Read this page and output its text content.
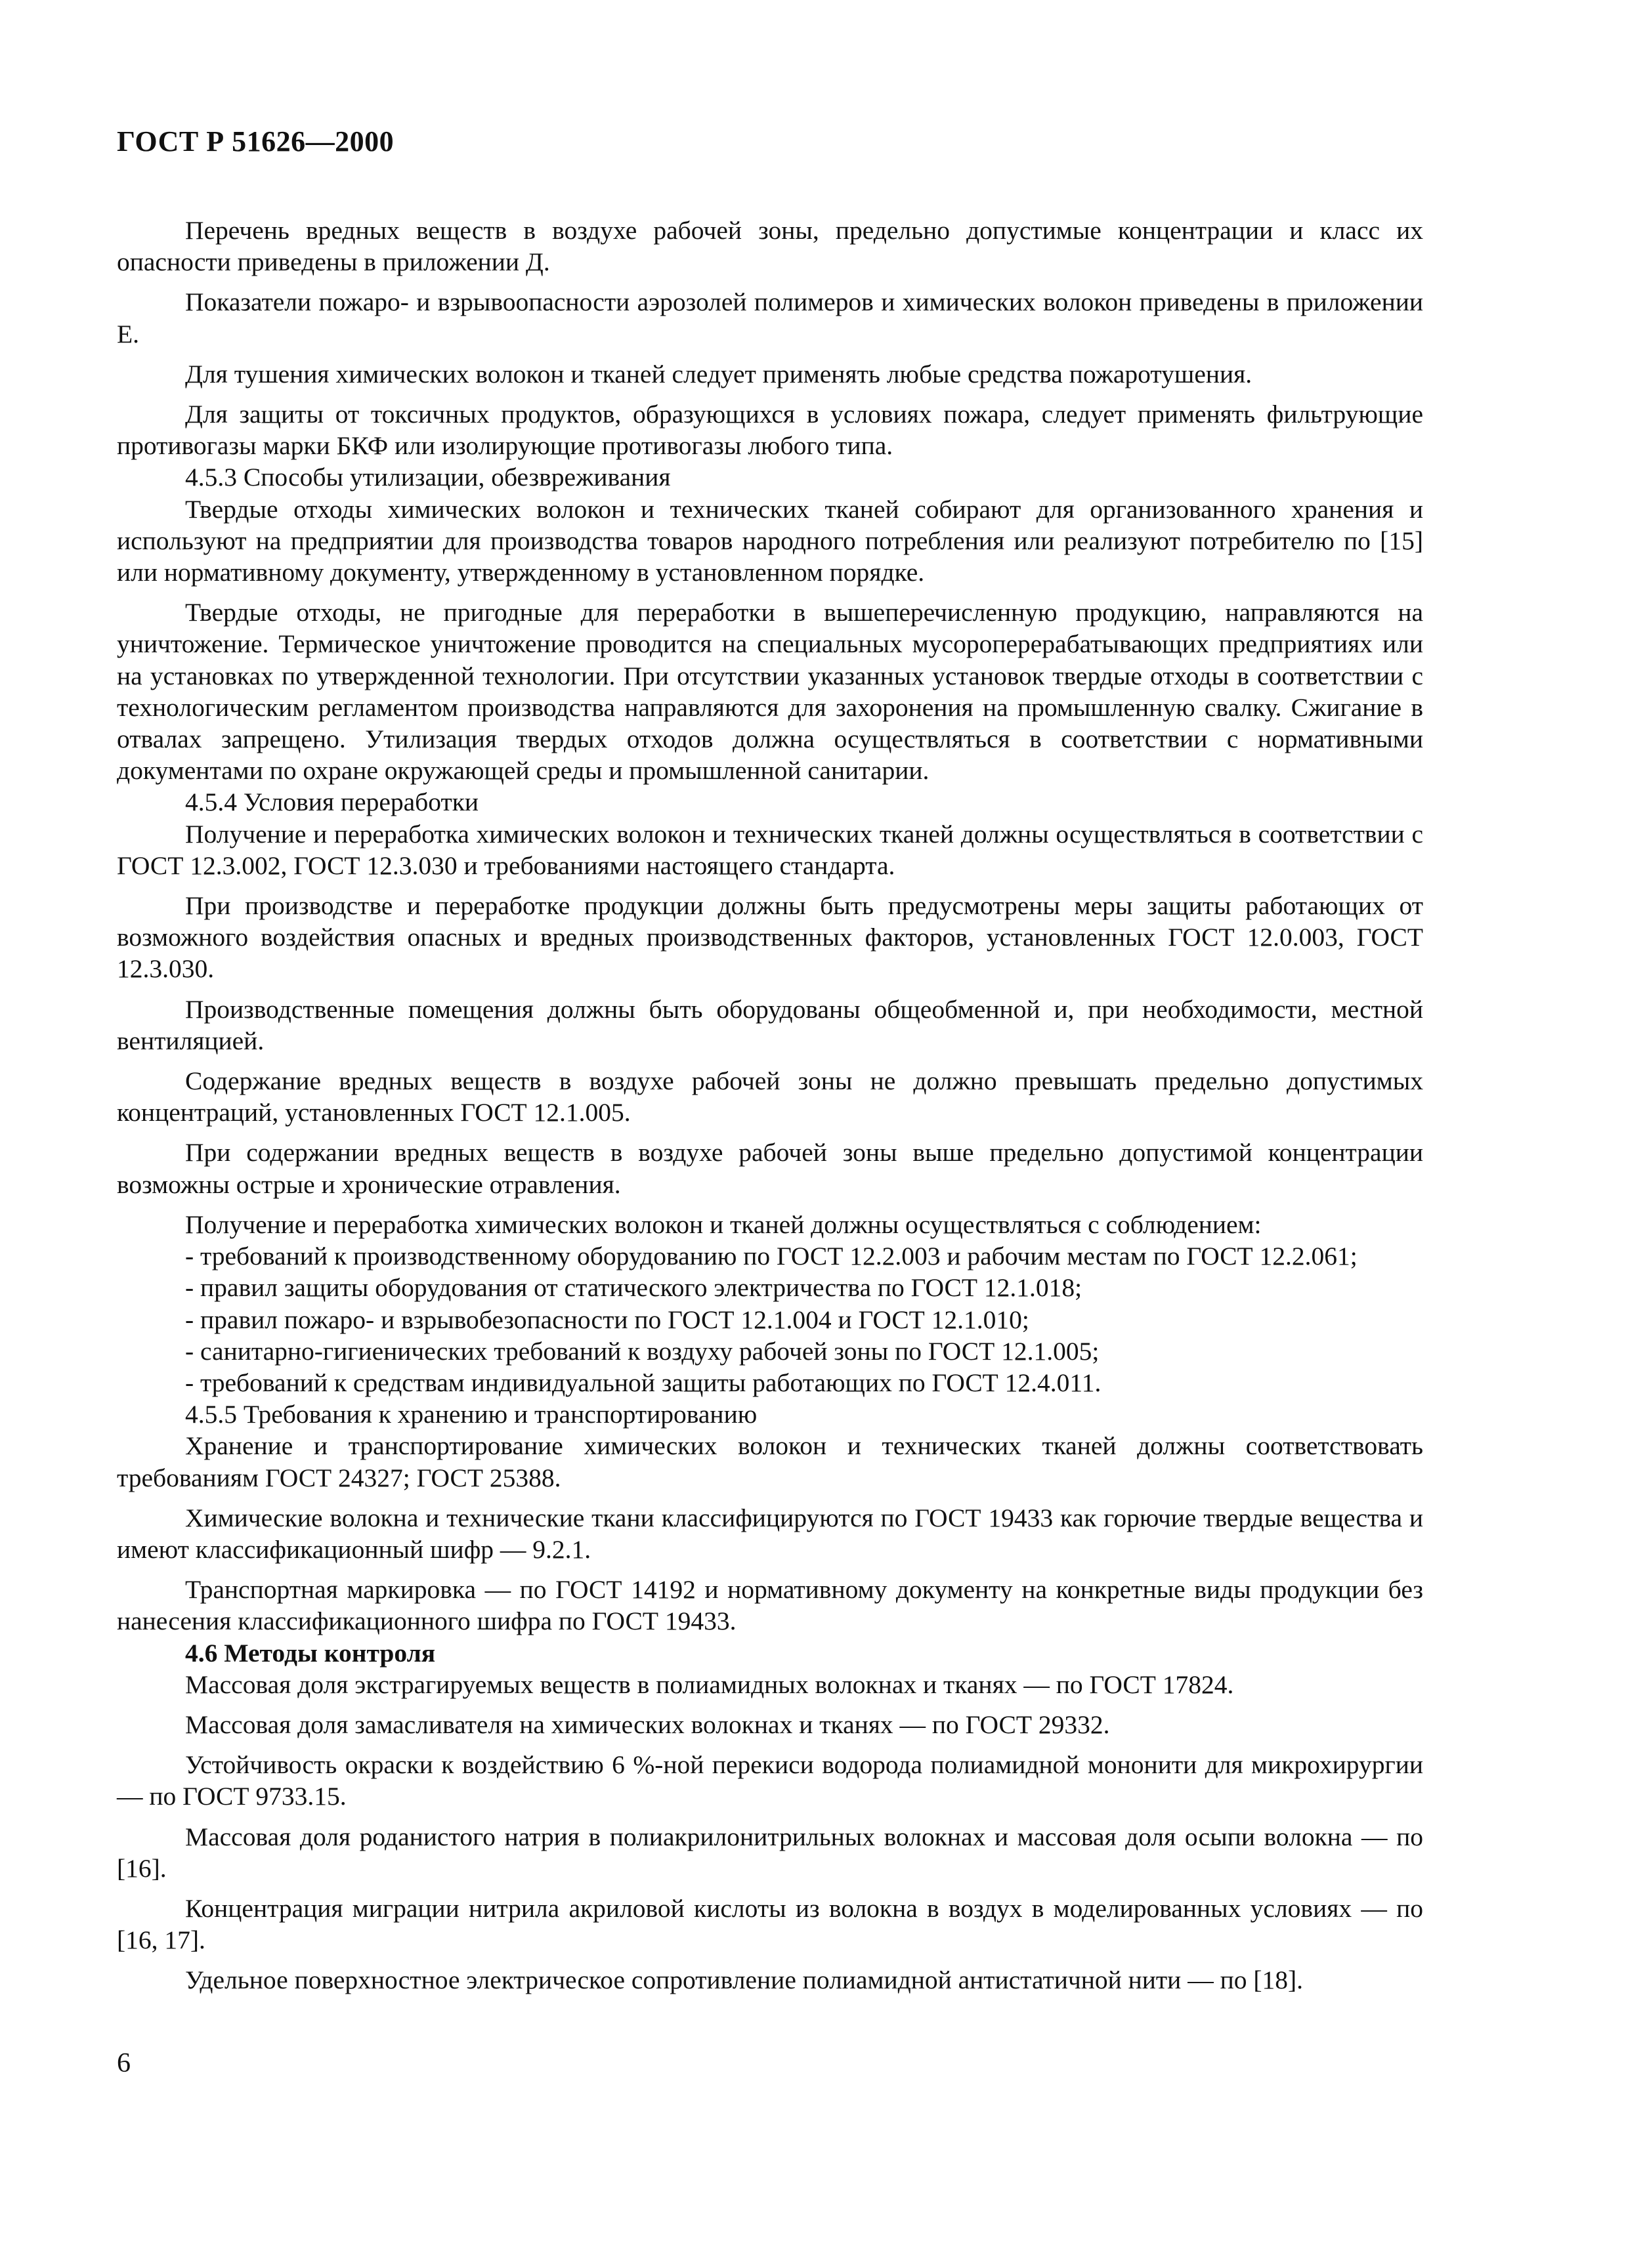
ГОСТ Р 51626—2000

Перечень вредных веществ в воздухе рабочей зоны, предельно допустимые концентрации и класс их опасности приведены в приложении Д.

Показатели пожаро- и взрывоопасности аэрозолей полимеров и химических волокон приведены в приложении Е.

Для тушения химических волокон и тканей следует применять любые средства пожаротушения.

Для защиты от токсичных продуктов, образующихся в условиях пожара, следует применять фильтрующие противогазы марки БКФ или изолирующие противогазы любого типа.

4.5.3 Способы утилизации, обезвреживания

Твердые отходы химических волокон и технических тканей собирают для организованного хранения и используют на предприятии для производства товаров народного потребления или реализуют потребителю по [15] или нормативному документу, утвержденному в установленном порядке.

Твердые отходы, не пригодные для переработки в вышеперечисленную продукцию, направляются на уничтожение. Термическое уничтожение проводится на специальных мусороперерабатывающих предприятиях или на установках по утвержденной технологии. При отсутствии указанных установок твердые отходы в соответствии с технологическим регламентом производства направляются для захоронения на промышленную свалку. Сжигание в отвалах запрещено. Утилизация твердых отходов должна осуществляться в соответствии с нормативными документами по охране окружающей среды и промышленной санитарии.

4.5.4 Условия переработки

Получение и переработка химических волокон и технических тканей должны осуществляться в соответствии с ГОСТ 12.3.002, ГОСТ 12.3.030 и требованиями настоящего стандарта.

При производстве и переработке продукции должны быть предусмотрены меры защиты работающих от возможного воздействия опасных и вредных производственных факторов, установленных ГОСТ 12.0.003, ГОСТ 12.3.030.

Производственные помещения должны быть оборудованы общеобменной и, при необходимости, местной вентиляцией.

Содержание вредных веществ в воздухе рабочей зоны не должно превышать предельно допустимых концентраций, установленных ГОСТ 12.1.005.

При содержании вредных веществ в воздухе рабочей зоны выше предельно допустимой концентрации возможны острые и хронические отравления.

Получение и переработка химических волокон и тканей должны осуществляться с соблюдением:

- требований к производственному оборудованию по ГОСТ 12.2.003 и рабочим местам по ГОСТ 12.2.061;

- правил защиты оборудования от статического электричества по ГОСТ 12.1.018;

- правил пожаро- и взрывобезопасности по ГОСТ 12.1.004 и ГОСТ 12.1.010;

- санитарно-гигиенических требований к воздуху рабочей зоны по ГОСТ 12.1.005;

- требований к средствам индивидуальной защиты работающих по ГОСТ 12.4.011.

4.5.5 Требования к хранению и транспортированию

Хранение и транспортирование химических волокон и технических тканей должны соответствовать требованиям ГОСТ 24327; ГОСТ 25388.

Химические волокна и технические ткани классифицируются по ГОСТ 19433 как горючие твердые вещества и имеют классификационный шифр — 9.2.1.

Транспортная маркировка — по ГОСТ 14192 и нормативному документу на конкретные виды продукции без нанесения классификационного шифра по ГОСТ 19433.

4.6 Методы контроля

Массовая доля экстрагируемых веществ в полиамидных волокнах и тканях — по ГОСТ 17824.

Массовая доля замасливателя на химических волокнах и тканях — по ГОСТ 29332.

Устойчивость окраски к воздействию 6 %-ной перекиси водорода полиамидной мононити для микрохирургии — по ГОСТ 9733.15.

Массовая доля роданистого натрия в полиакрилонитрильных волокнах и массовая доля осыпи волокна — по [16].

Концентрация миграции нитрила акриловой кислоты из волокна в воздух в моделированных условиях — по [16, 17].

Удельное поверхностное электрическое сопротивление полиамидной антистатичной нити — по [18].

6
